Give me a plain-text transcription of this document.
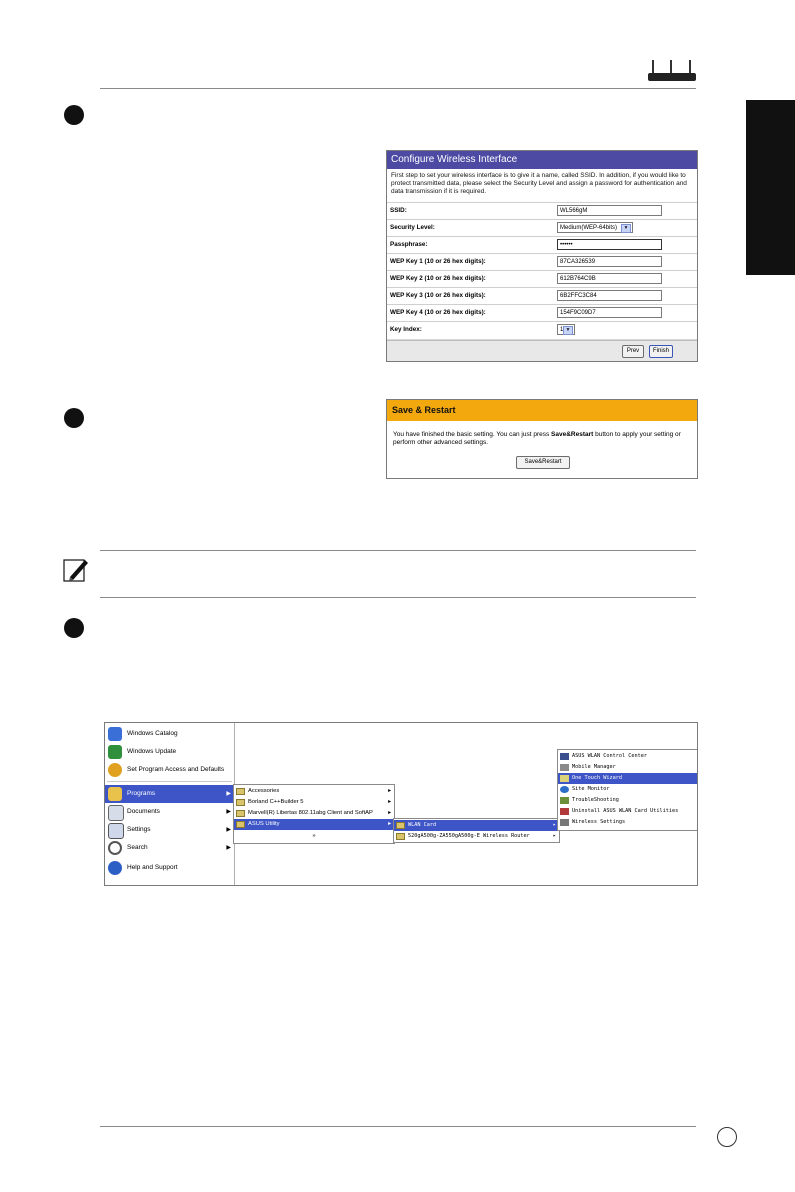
Configure Wireless Interface
First step to set your wireless interface is to give it a name, called SSID. In addition, if you would like to protect transmitted data, please select the Security Level and assign a password for authentication and data transmission if it is required.
SSID:	WL566gM
Security Level:	Medium(WEP-64bits)	▼
Passphrase:	••••••
WEP Key 1 (10 or 26 hex digits):	87CA326539
WEP Key 2 (10 or 26 hex digits):	612B764C9B
WEP Key 3 (10 or 26 hex digits):	6B2FFC3C84
WEP Key 4 (10 or 26 hex digits):	154F9C09D7
Key Index:	1 ▼
Prev	Finish
Save & Restart
You have finished the basic setting. You can just press Save&Restart button to apply your setting or perform other advanced settings.
Save&Restart
Windows Catalog
Windows Update
Set Program Access and Defaults
Programs	▶
Documents	▶
Settings	▶
Search	▶
Help and Support
Accessories	▸
Borland C++Builder 5	▸
Marvell(R) Libertas 802.11abg Client and SoftAP	▸
ASUS Utility	▸
»
WLAN Card	▸
520gA500g-ZA550gA500g-E Wireless Router	▸
ASUS WLAN Control Center
Mobile Manager
One Touch Wizard
Site Monitor
TroubleShooting
Uninstall ASUS WLAN Card Utilities
Wireless Settings
